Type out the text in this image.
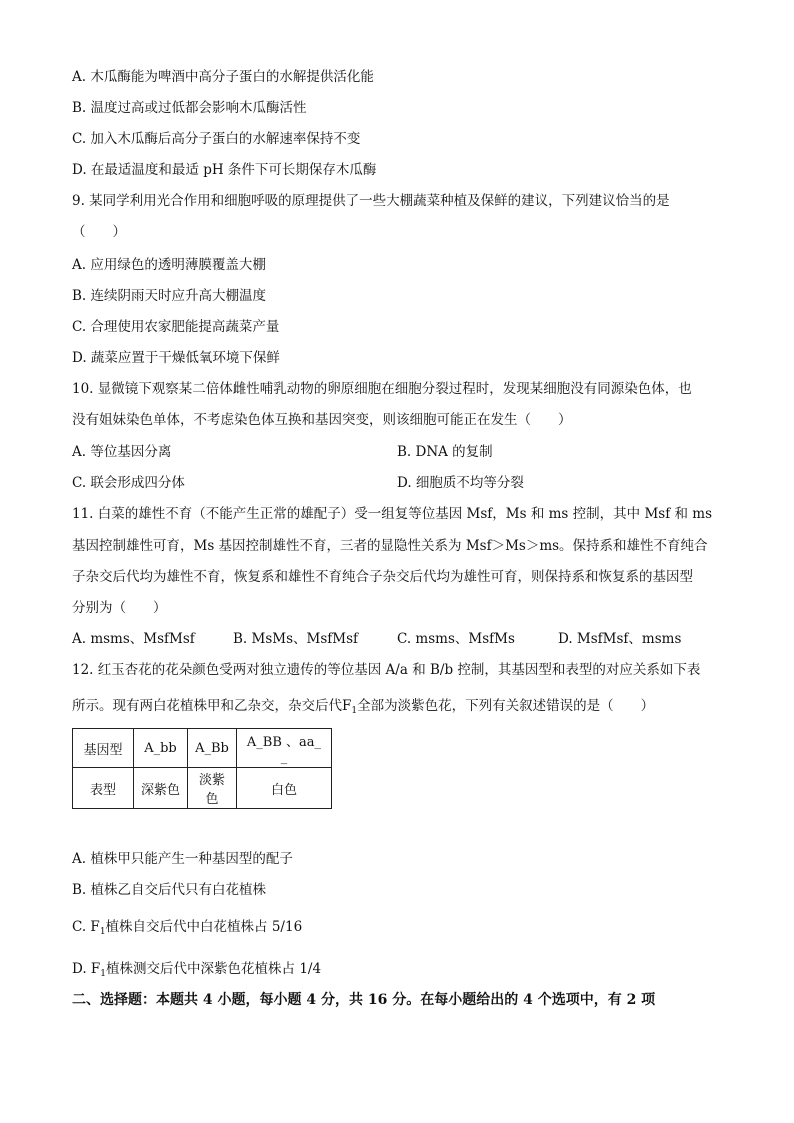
A. 木瓜酶能为啤酒中高分子蛋白的水解提供活化能
B. 温度过高或过低都会影响木瓜酶活性
C. 加入木瓜酶后高分子蛋白的水解速率保持不变
D. 在最适温度和最适 pH 条件下可长期保存木瓜酶
9. 某同学利用光合作用和细胞呼吸的原理提供了一些大棚蔬菜种植及保鲜的建议，下列建议恰当的是
（　　）
A. 应用绿色的透明薄膜覆盖大棚
B. 连续阴雨天时应升高大棚温度
C. 合理使用农家肥能提高蔬菜产量
D. 蔬菜应置于干燥低氧环境下保鲜
10. 显微镜下观察某二倍体雌性哺乳动物的卵原细胞在细胞分裂过程时，发现某细胞没有同源染色体，也
没有姐妹染色单体，不考虑染色体互换和基因突变，则该细胞可能正在发生（　　）
A. 等位基因分离	B. DNA 的复制
C. 联会形成四分体	D. 细胞质不均等分裂
11. 白菜的雄性不育（不能产生正常的雄配子）受一组复等位基因 Msf，Ms 和 ms 控制，其中 Msf 和 ms
基因控制雄性可育，Ms 基因控制雄性不育，三者的显隐性关系为 Msf＞Ms＞ms。保持系和雄性不育纯合
子杂交后代均为雄性不育，恢复系和雄性不育纯合子杂交后代均为雄性可育，则保持系和恢复系的基因型
分别为（　　）
A. msms、MsfMsf	B. MsMs、MsfMsf	C. msms、MsfMs	D. MsfMsf、msms
12. 红玉杏花的花朵颜色受两对独立遗传的等位基因 A/a 和 B/b 控制，其基因型和表型的对应关系如下表
所示。现有两白花植株甲和乙杂交，杂交后代$F_1$全部为淡紫色花，下列有关叙述错误的是（　　）
基因型	A_bb	A_Bb	A_BB 、aa_ _
表型	深紫色	淡紫色	白色
A. 植株甲只能产生一种基因型的配子
B. 植株乙自交后代只有白花植株
C. $F_1$植株自交后代中白花植株占 5/16
D. $F_1$植株测交后代中深紫色花植株占 1/4
二、选择题：本题共 4 小题，每小题 4 分，共 16 分。在每小题给出的 4 个选项中，有 2 项
